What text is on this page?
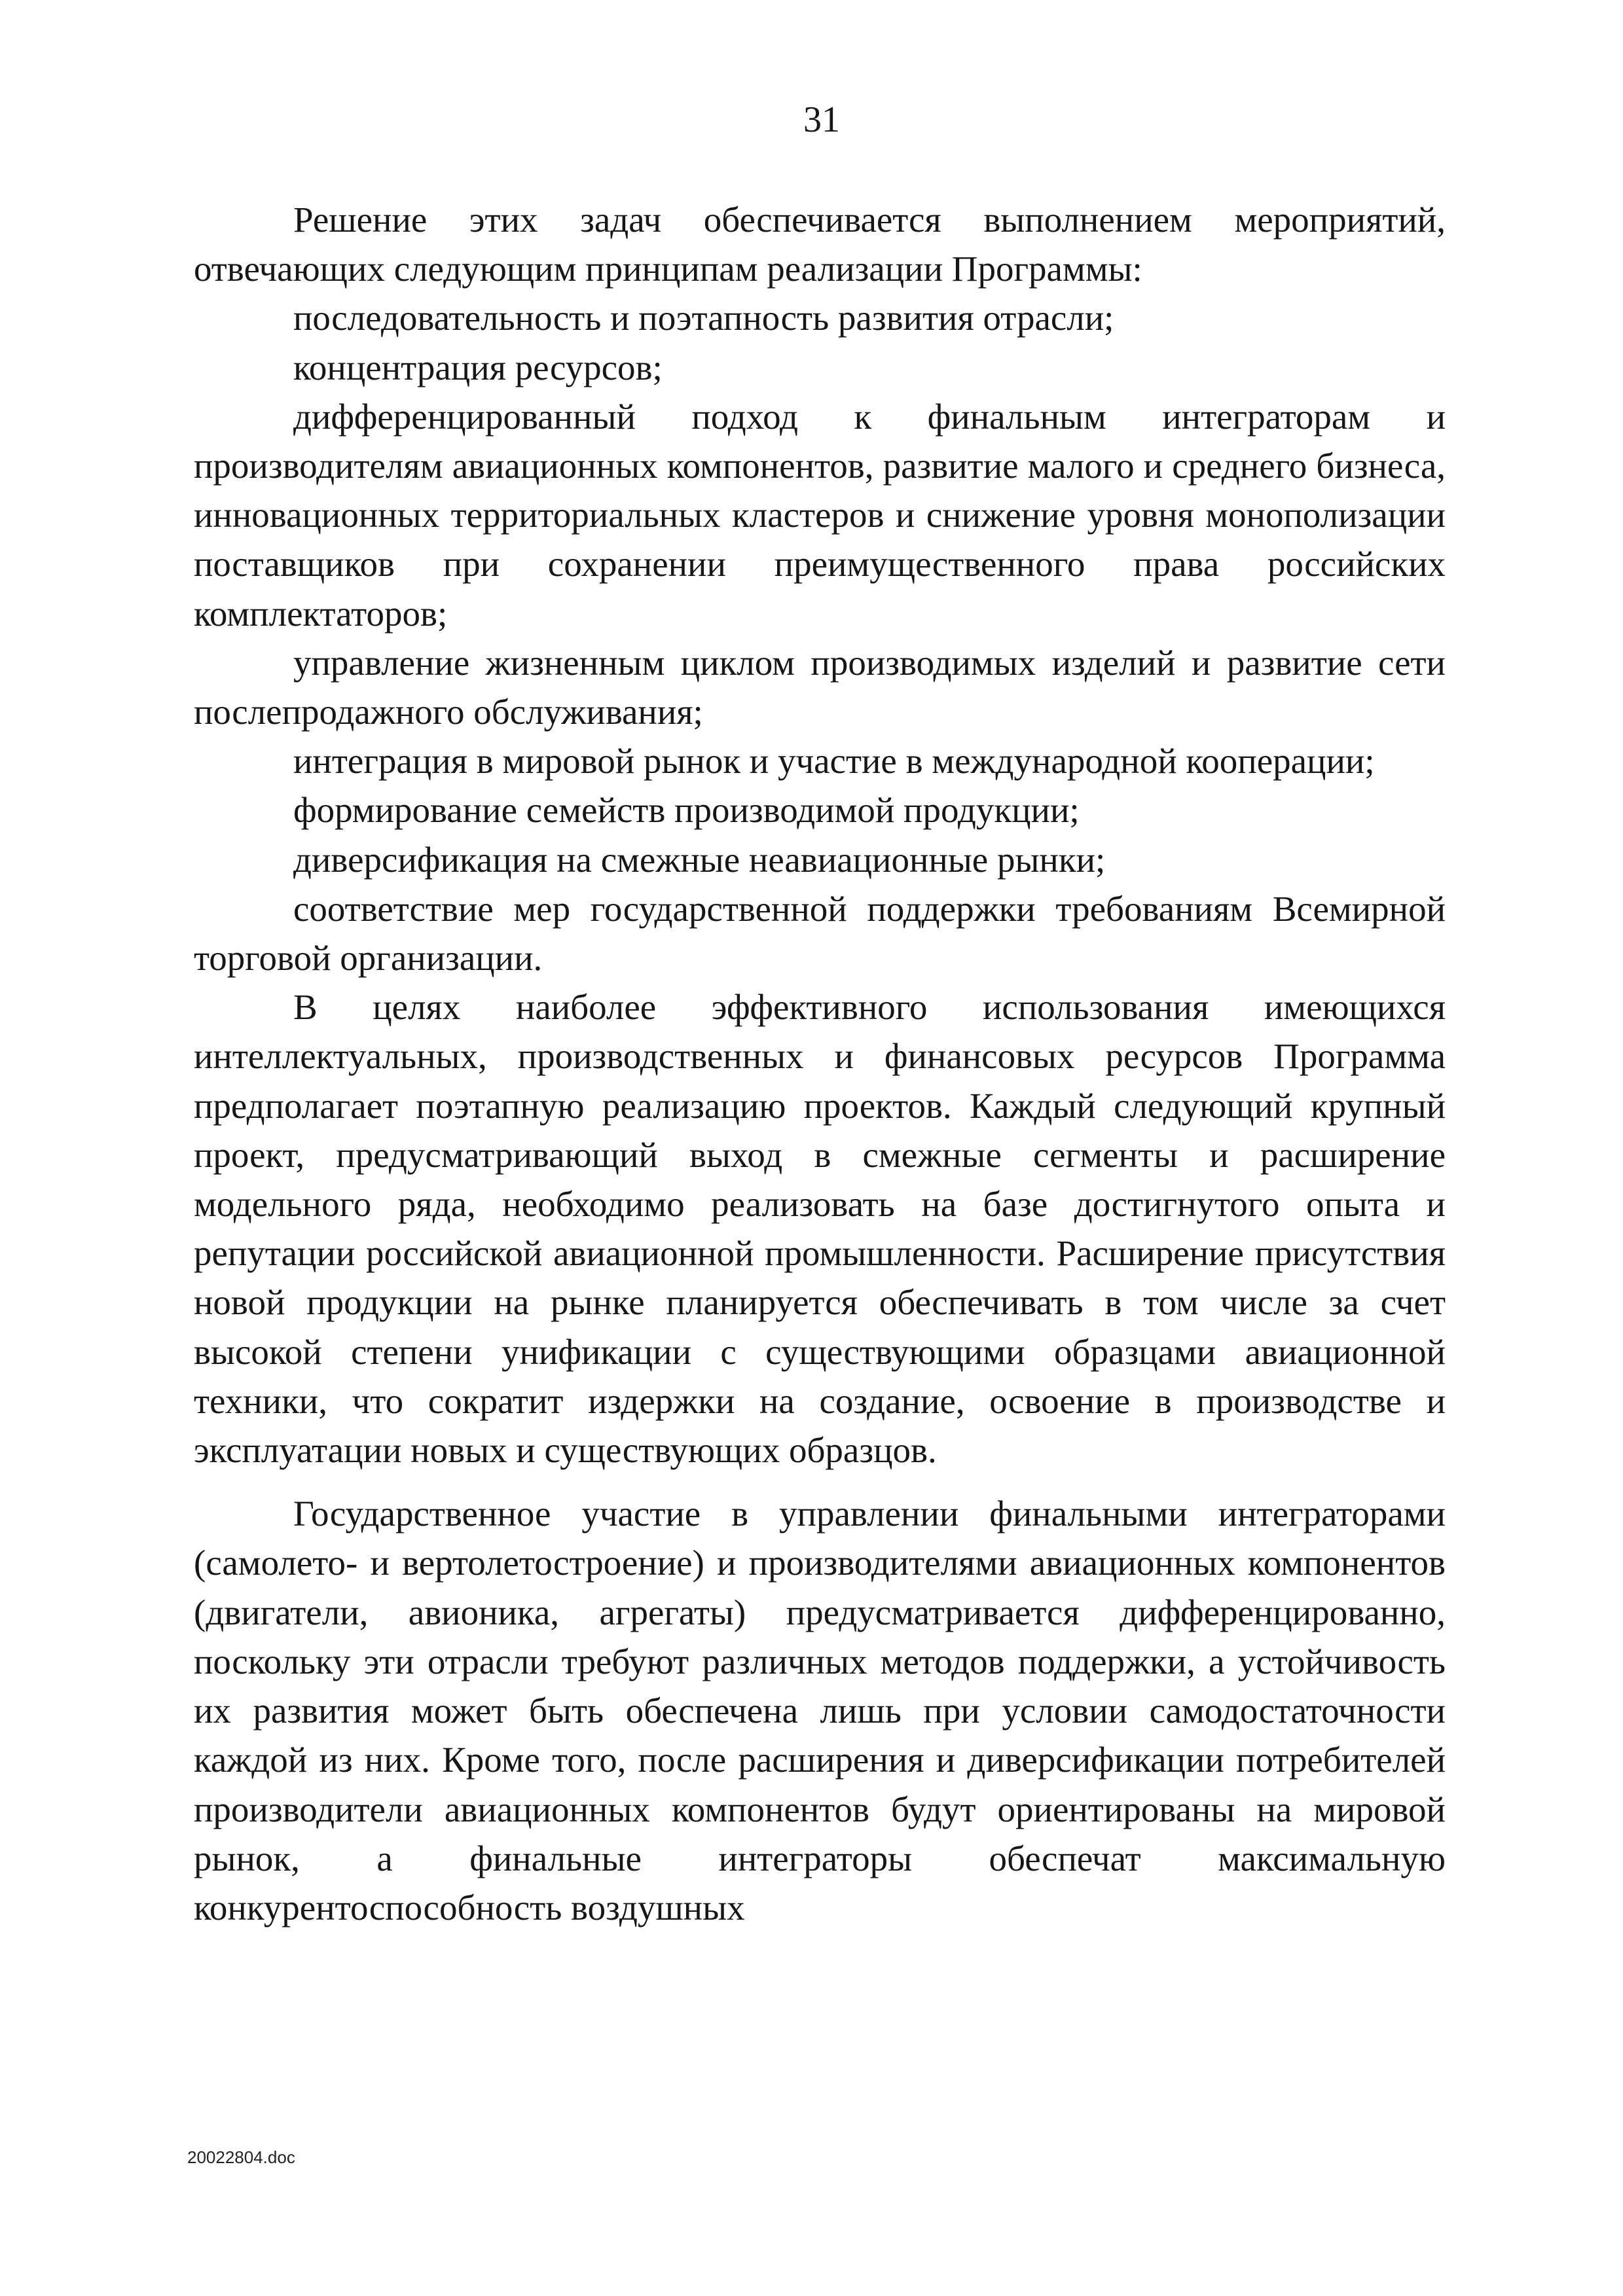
31

Решение этих задач обеспечивается выполнением мероприятий, отвечающих следующим принципам реализации Программы:

последовательность и поэтапность развития отрасли;

концентрация ресурсов;

дифференцированный подход к финальным интеграторам и производителям авиационных компонентов, развитие малого и среднего бизнеса, инновационных территориальных кластеров и снижение уровня монополизации поставщиков при сохранении преимущественного права российских комплектаторов;

управление жизненным циклом производимых изделий и развитие сети послепродажного обслуживания;

интеграция в мировой рынок и участие в международной кооперации;

формирование семейств производимой продукции;

диверсификация на смежные неавиационные рынки;

соответствие мер государственной поддержки требованиям Всемирной торговой организации.

В целях наиболее эффективного использования имеющихся интеллектуальных, производственных и финансовых ресурсов Программа предполагает поэтапную реализацию проектов. Каждый следующий крупный проект, предусматривающий выход в смежные сегменты и расширение модельного ряда, необходимо реализовать на базе достигнутого опыта и репутации российской авиационной промышленности. Расширение присутствия новой продукции на рынке планируется обеспечивать в том числе за счет высокой степени унификации с существующими образцами авиационной техники, что сократит издержки на создание, освоение в производстве и эксплуатации новых и существующих образцов.

Государственное участие в управлении финальными интеграторами (самолето- и вертолетостроение) и производителями авиационных компонентов (двигатели, авионика, агрегаты) предусматривается дифференцированно, поскольку эти отрасли требуют различных методов поддержки, а устойчивость их развития может быть обеспечена лишь при условии самодостаточности каждой из них. Кроме того, после расширения и диверсификации потребителей производители авиационных компонентов будут ориентированы на мировой рынок, а финальные интеграторы обеспечат максимальную конкурентоспособность воздушных

20022804.doc
